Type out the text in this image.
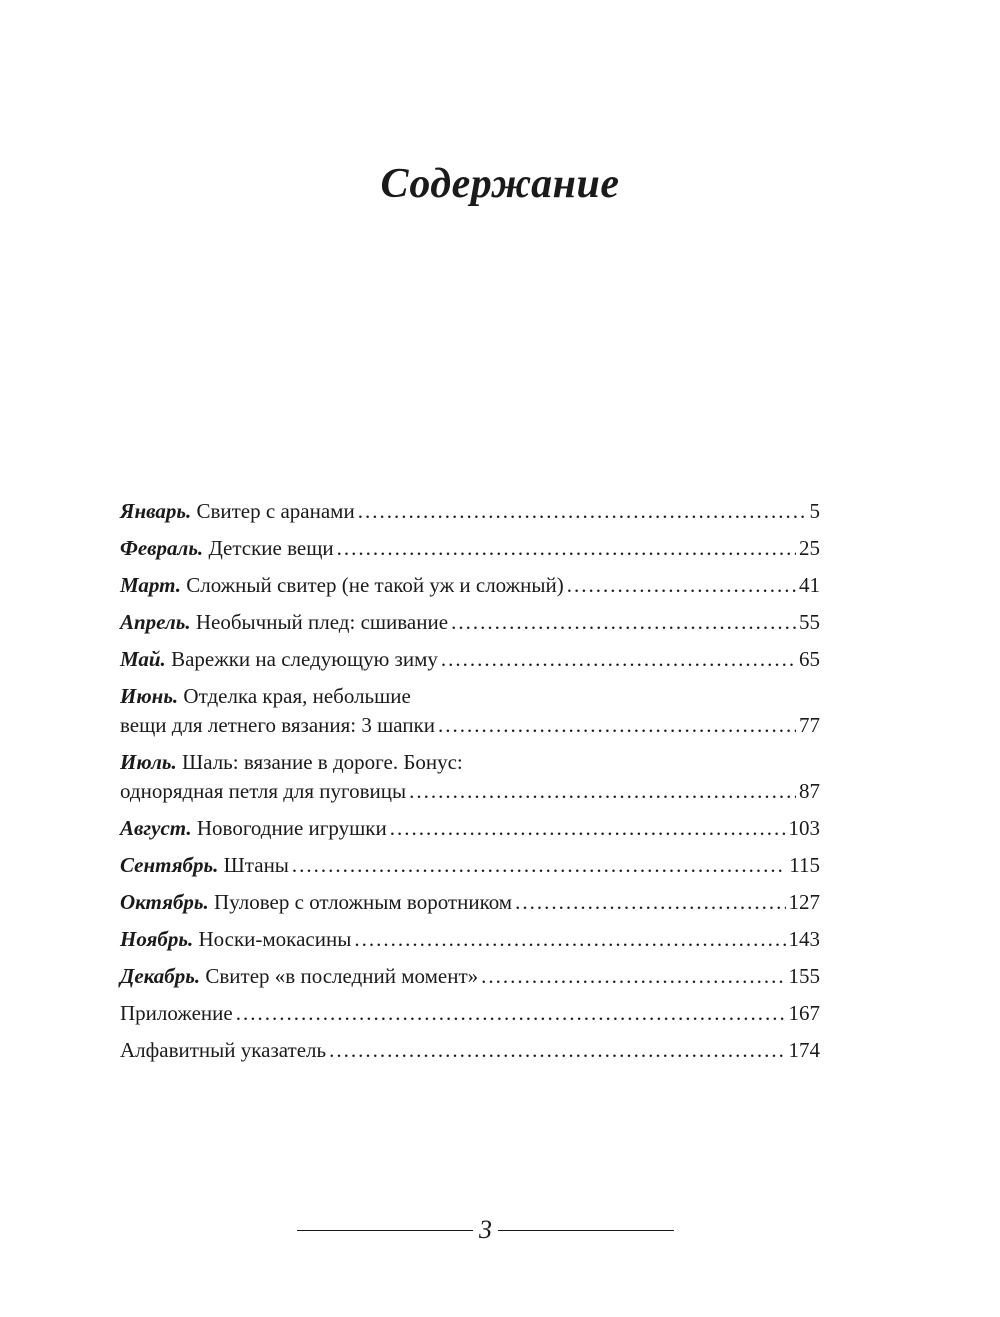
Содержание
Январь. Свитер с аранами .....	5
Февраль. Детские вещи .....	25
Март. Сложный свитер (не такой уж и сложный) .....	41
Апрель. Необычный плед: сшивание .....	55
Май. Варежки на следующую зиму .....	65
Июнь. Отделка края, небольшие
вещи для летнего вязания: 3 шапки .....	77
Июль. Шаль: вязание в дороге. Бонус:
однорядная петля для пуговицы .....	87
Август. Новогодние игрушки .....	103
Сентябрь. Штаны .....	115
Октябрь. Пуловер с отложным воротником .....	127
Ноябрь. Носки-мокасины .....	143
Декабрь. Свитер «в последний момент» .....	155
Приложение .....	167
Алфавитный указатель .....	174
3
